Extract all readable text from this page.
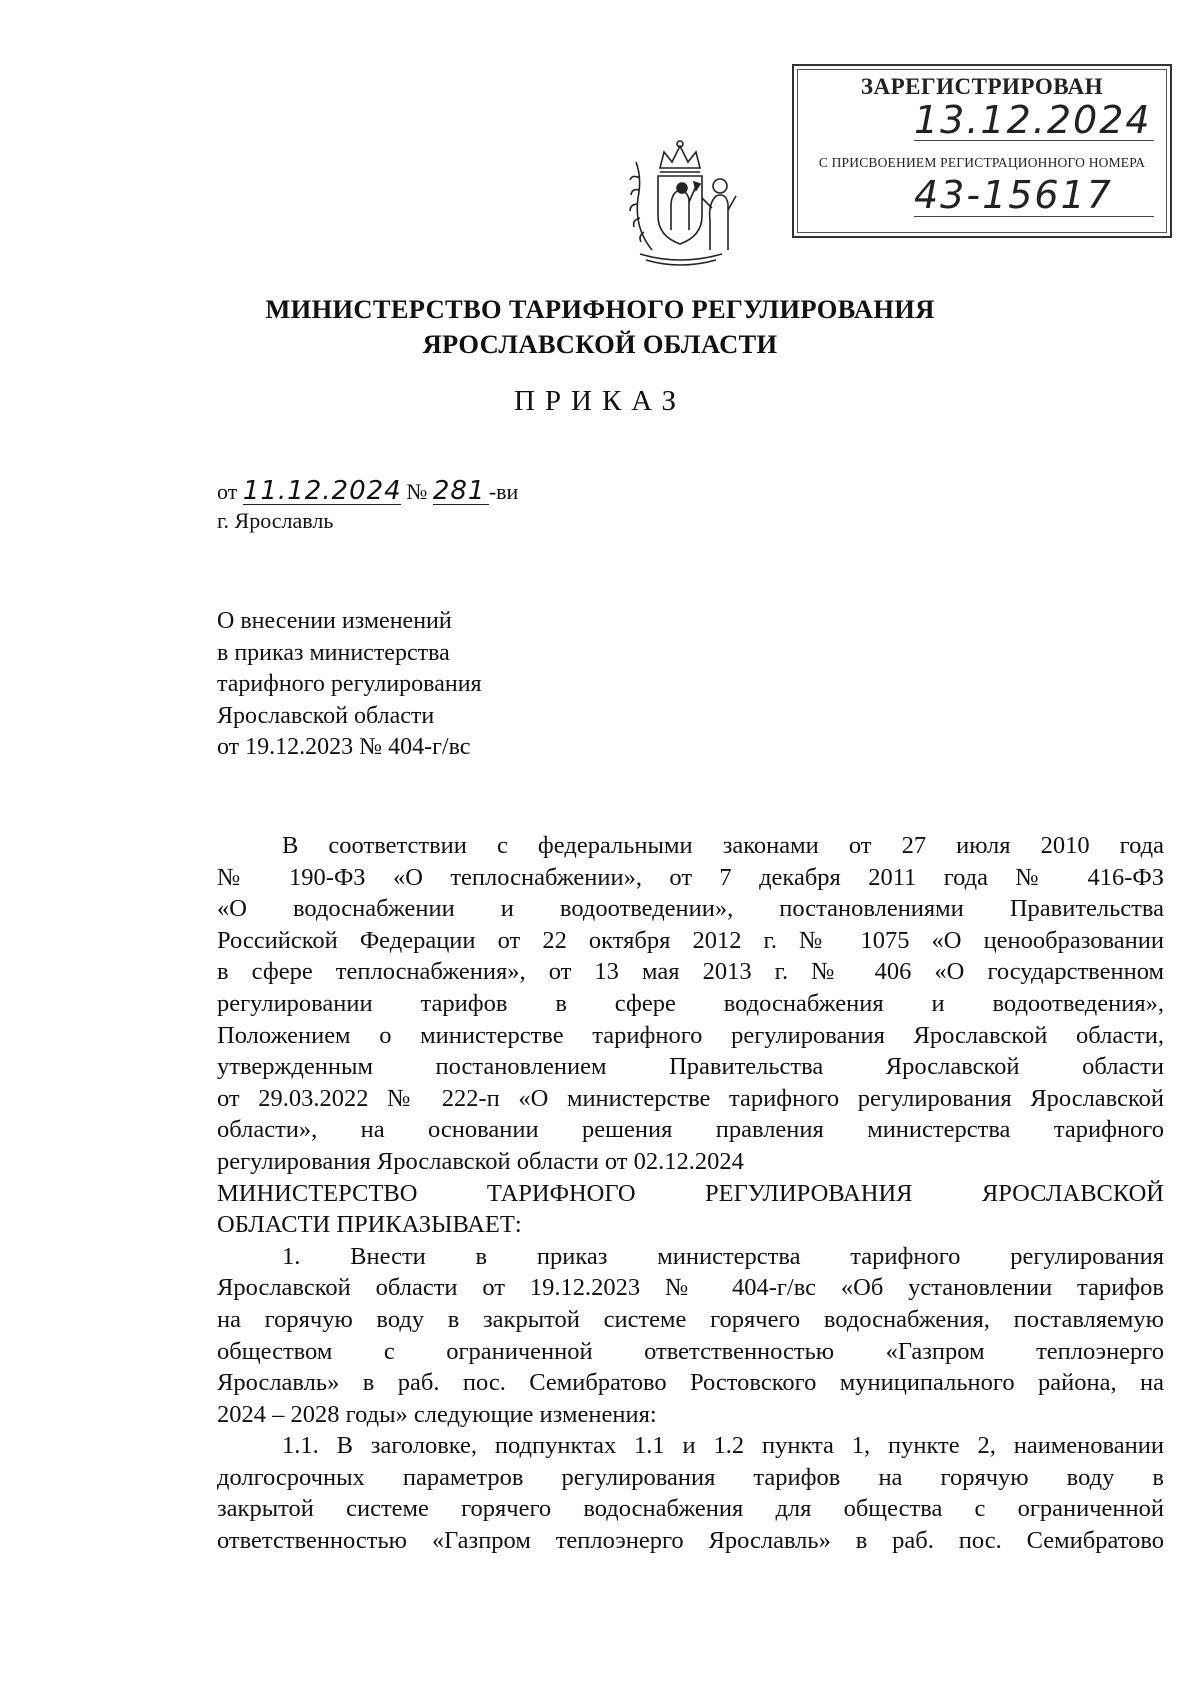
ЗАРЕГИСТРИРОВАН
13.12.2024
С ПРИСВОЕНИЕМ РЕГИСТРАЦИОННОГО НОМЕРА
43-15617
МИНИСТЕРСТВО ТАРИФНОГО РЕГУЛИРОВАНИЯ
ЯРОСЛАВСКОЙ ОБЛАСТИ
ПРИКАЗ
от 11.12.2024 № 281 -ви
г. Ярославль
О внесении изменений
в приказ министерства
тарифного регулирования
Ярославской области
от 19.12.2023 № 404-г/вс
В соответствии с федеральными законами от 27 июля 2010 года
№ 190-ФЗ «О теплоснабжении», от 7 декабря 2011 года № 416-ФЗ
«О водоснабжении и водоотведении», постановлениями Правительства
Российской Федерации от 22 октября 2012 г. № 1075 «О ценообразовании
в сфере теплоснабжения», от 13 мая 2013 г. № 406 «О государственном
регулировании тарифов в сфере водоснабжения и водоотведения»,
Положением о министерстве тарифного регулирования Ярославской области,
утвержденным постановлением Правительства Ярославской области
от 29.03.2022 № 222-п «О министерстве тарифного регулирования Ярославской
области», на основании решения правления министерства тарифного
регулирования Ярославской области от 02.12.2024
МИНИСТЕРСТВО ТАРИФНОГО РЕГУЛИРОВАНИЯ ЯРОСЛАВСКОЙ
ОБЛАСТИ ПРИКАЗЫВАЕТ:
1. Внести в приказ министерства тарифного регулирования
Ярославской области от 19.12.2023 № 404-г/вс «Об установлении тарифов
на горячую воду в закрытой системе горячего водоснабжения, поставляемую
обществом с ограниченной ответственностью «Газпром теплоэнерго
Ярославль» в раб. пос. Семибратово Ростовского муниципального района, на
2024 – 2028 годы» следующие изменения:
1.1. В заголовке, подпунктах 1.1 и 1.2 пункта 1, пункте 2, наименовании
долгосрочных параметров регулирования тарифов на горячую воду в
закрытой системе горячего водоснабжения для общества с ограниченной
ответственностью «Газпром теплоэнерго Ярославль» в раб. пос. Семибратово
